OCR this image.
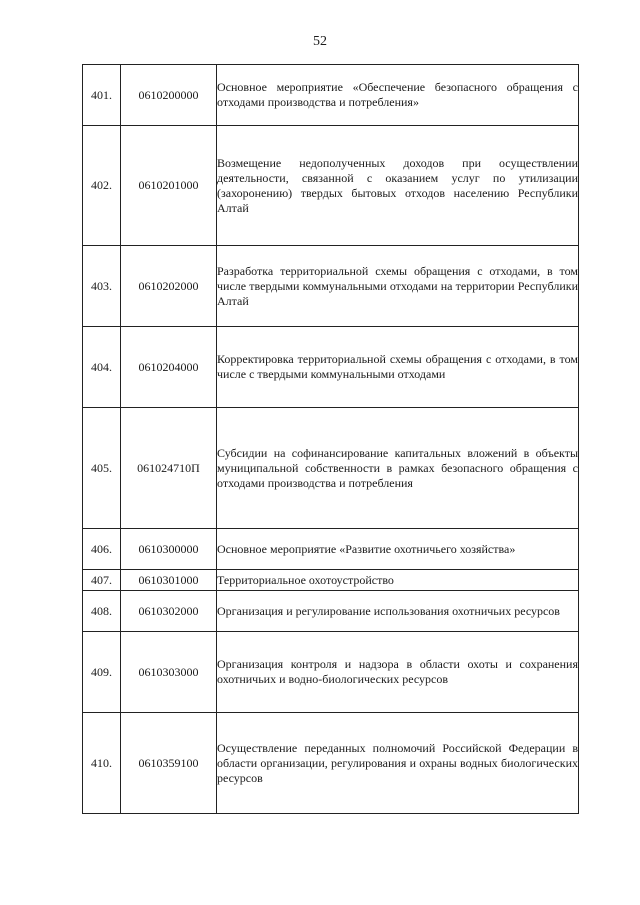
52
401.	0610200000	Основное мероприятие «Обеспечение безопасного обращения с отходами производства и потребления»
402.	0610201000	Возмещение недополученных доходов при осуществлении деятельности, связанной с оказанием услуг по утилизации (захоронению) твердых бытовых отходов населению Республики Алтай
403.	0610202000	Разработка территориальной схемы обращения с отходами, в том числе твердыми коммунальными отходами на территории Республики Алтай
404.	0610204000	Корректировка территориальной схемы обращения с отходами, в том числе с твердыми коммунальными отходами
405.	061024710П	Субсидии на софинансирование капитальных вложений в объекты муниципальной собственности в рамках безопасного обращения с отходами производства и потребления
406.	0610300000	Основное мероприятие «Развитие охотничьего хозяйства»
407.	0610301000	Территориальное охотоустройство
408.	0610302000	Организация и регулирование использования охотничьих ресурсов
409.	0610303000	Организация контроля и надзора в области охоты и сохранения охотничьих и водно-биологических ресурсов
410.	0610359100	Осуществление переданных полномочий Российской Федерации в области организации, регулирования и охраны водных биологических ресурсов
